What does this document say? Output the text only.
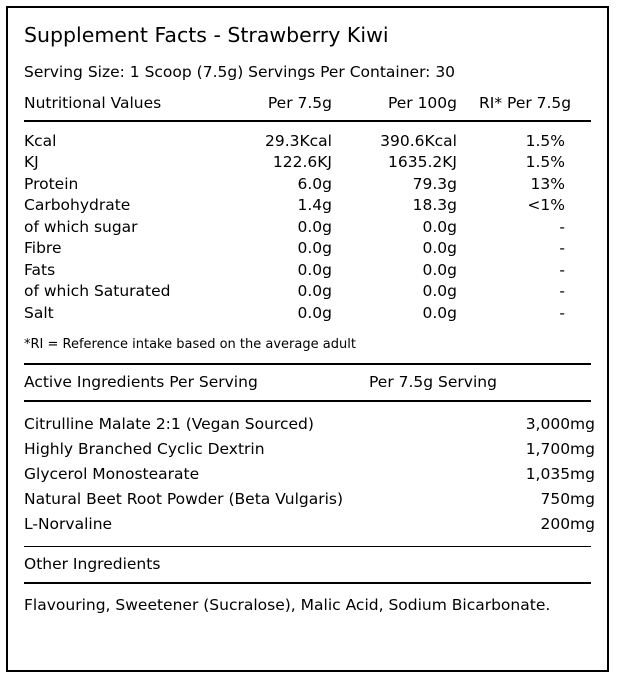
Supplement Facts - Strawberry Kiwi
Serving Size: 1 Scoop (7.5g) Servings Per Container: 30
Nutritional Values	Per 7.5g	Per 100g	RI* Per 7.5g
Kcal	29.3Kcal	390.6Kcal	1.5%
KJ	122.6KJ	1635.2KJ	1.5%
Protein	6.0g	79.3g	13%
Carbohydrate	1.4g	18.3g	<1%
of which sugar	0.0g	0.0g	-
Fibre	0.0g	0.0g	-
Fats	0.0g	0.0g	-
of which Saturated	0.0g	0.0g	-
Salt	0.0g	0.0g	-
*RI = Reference intake based on the average adult
Active Ingredients Per Serving	Per 7.5g Serving
Citrulline Malate 2:1 (Vegan Sourced)	3,000mg
Highly Branched Cyclic Dextrin	1,700mg
Glycerol Monostearate	1,035mg
Natural Beet Root Powder (Beta Vulgaris)	750mg
L-Norvaline	200mg
Other Ingredients
Flavouring, Sweetener (Sucralose), Malic Acid, Sodium Bicarbonate.
